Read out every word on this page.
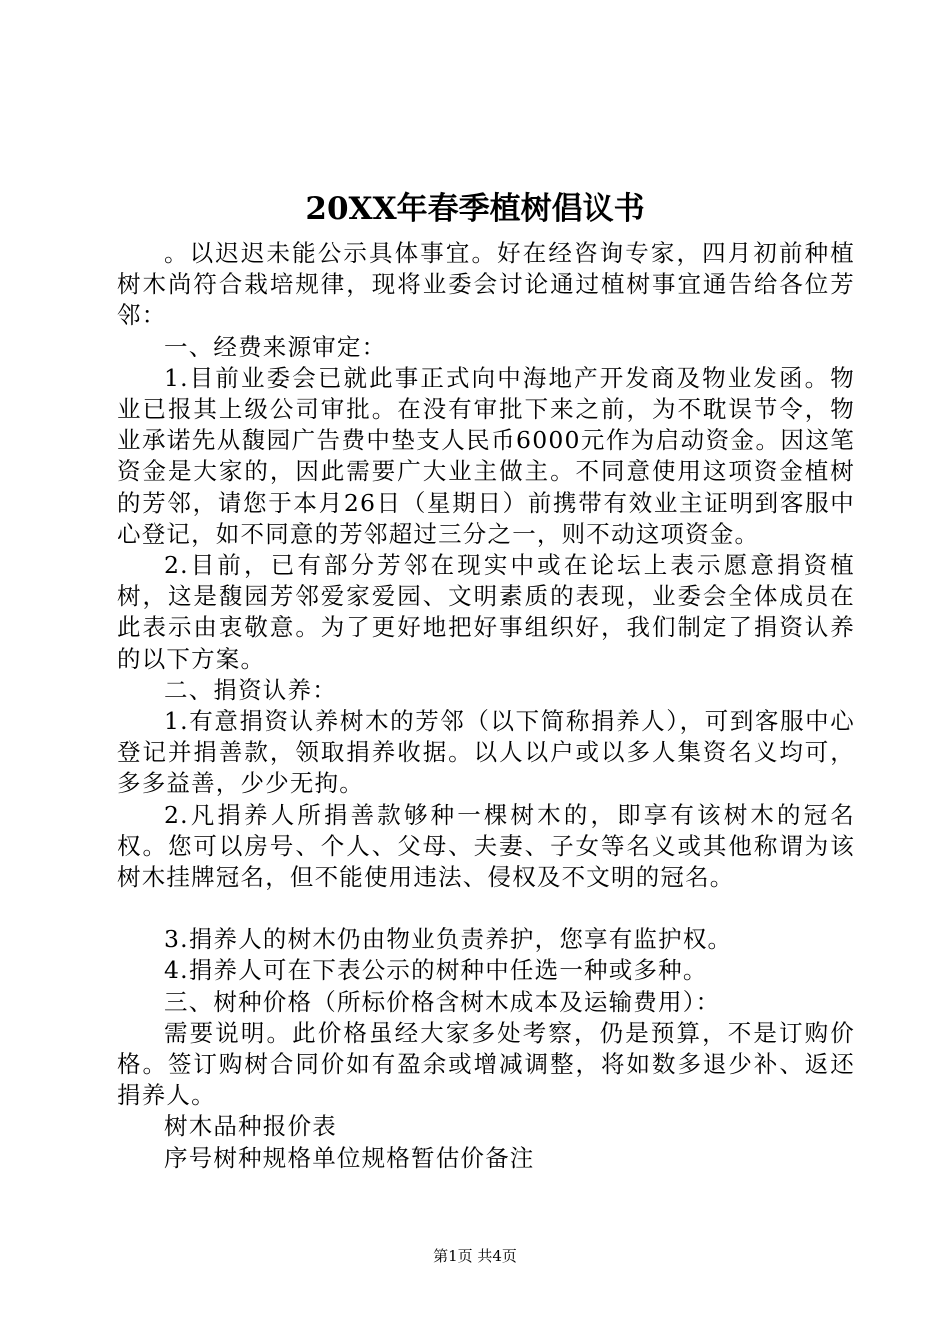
20XX年春季植树倡议书

。以迟迟未能公示具体事宜。好在经咨询专家，四月初前种植树木尚符合栽培规律，现将业委会讨论通过植树事宜通告给各位芳邻：

一、经费来源审定：

1.目前业委会已就此事正式向中海地产开发商及物业发函。物业已报其上级公司审批。在没有审批下来之前，为不耽误节令，物业承诺先从馥园广告费中垫支人民币6000元作为启动资金。因这笔资金是大家的，因此需要广大业主做主。不同意使用这项资金植树的芳邻，请您于本月26日（星期日）前携带有效业主证明到客服中心登记，如不同意的芳邻超过三分之一，则不动这项资金。

2.目前，已有部分芳邻在现实中或在论坛上表示愿意捐资植树，这是馥园芳邻爱家爱园、文明素质的表现，业委会全体成员在此表示由衷敬意。为了更好地把好事组织好，我们制定了捐资认养的以下方案。

二、捐资认养：

1.有意捐资认养树木的芳邻（以下简称捐养人），可到客服中心登记并捐善款，领取捐养收据。以人以户或以多人集资名义均可，多多益善，少少无拘。

2.凡捐养人所捐善款够种一棵树木的，即享有该树木的冠名权。您可以房号、个人、父母、夫妻、子女等名义或其他称谓为该树木挂牌冠名，但不能使用违法、侵权及不文明的冠名。

3.捐养人的树木仍由物业负责养护，您享有监护权。

4.捐养人可在下表公示的树种中任选一种或多种。

三、树种价格（所标价格含树木成本及运输费用）：

需要说明。此价格虽经大家多处考察，仍是预算，不是订购价格。签订购树合同价如有盈余或增减调整，将如数多退少补、返还捐养人。

树木品种报价表

序号树种规格单位规格暂估价备注

第1页 共4页
